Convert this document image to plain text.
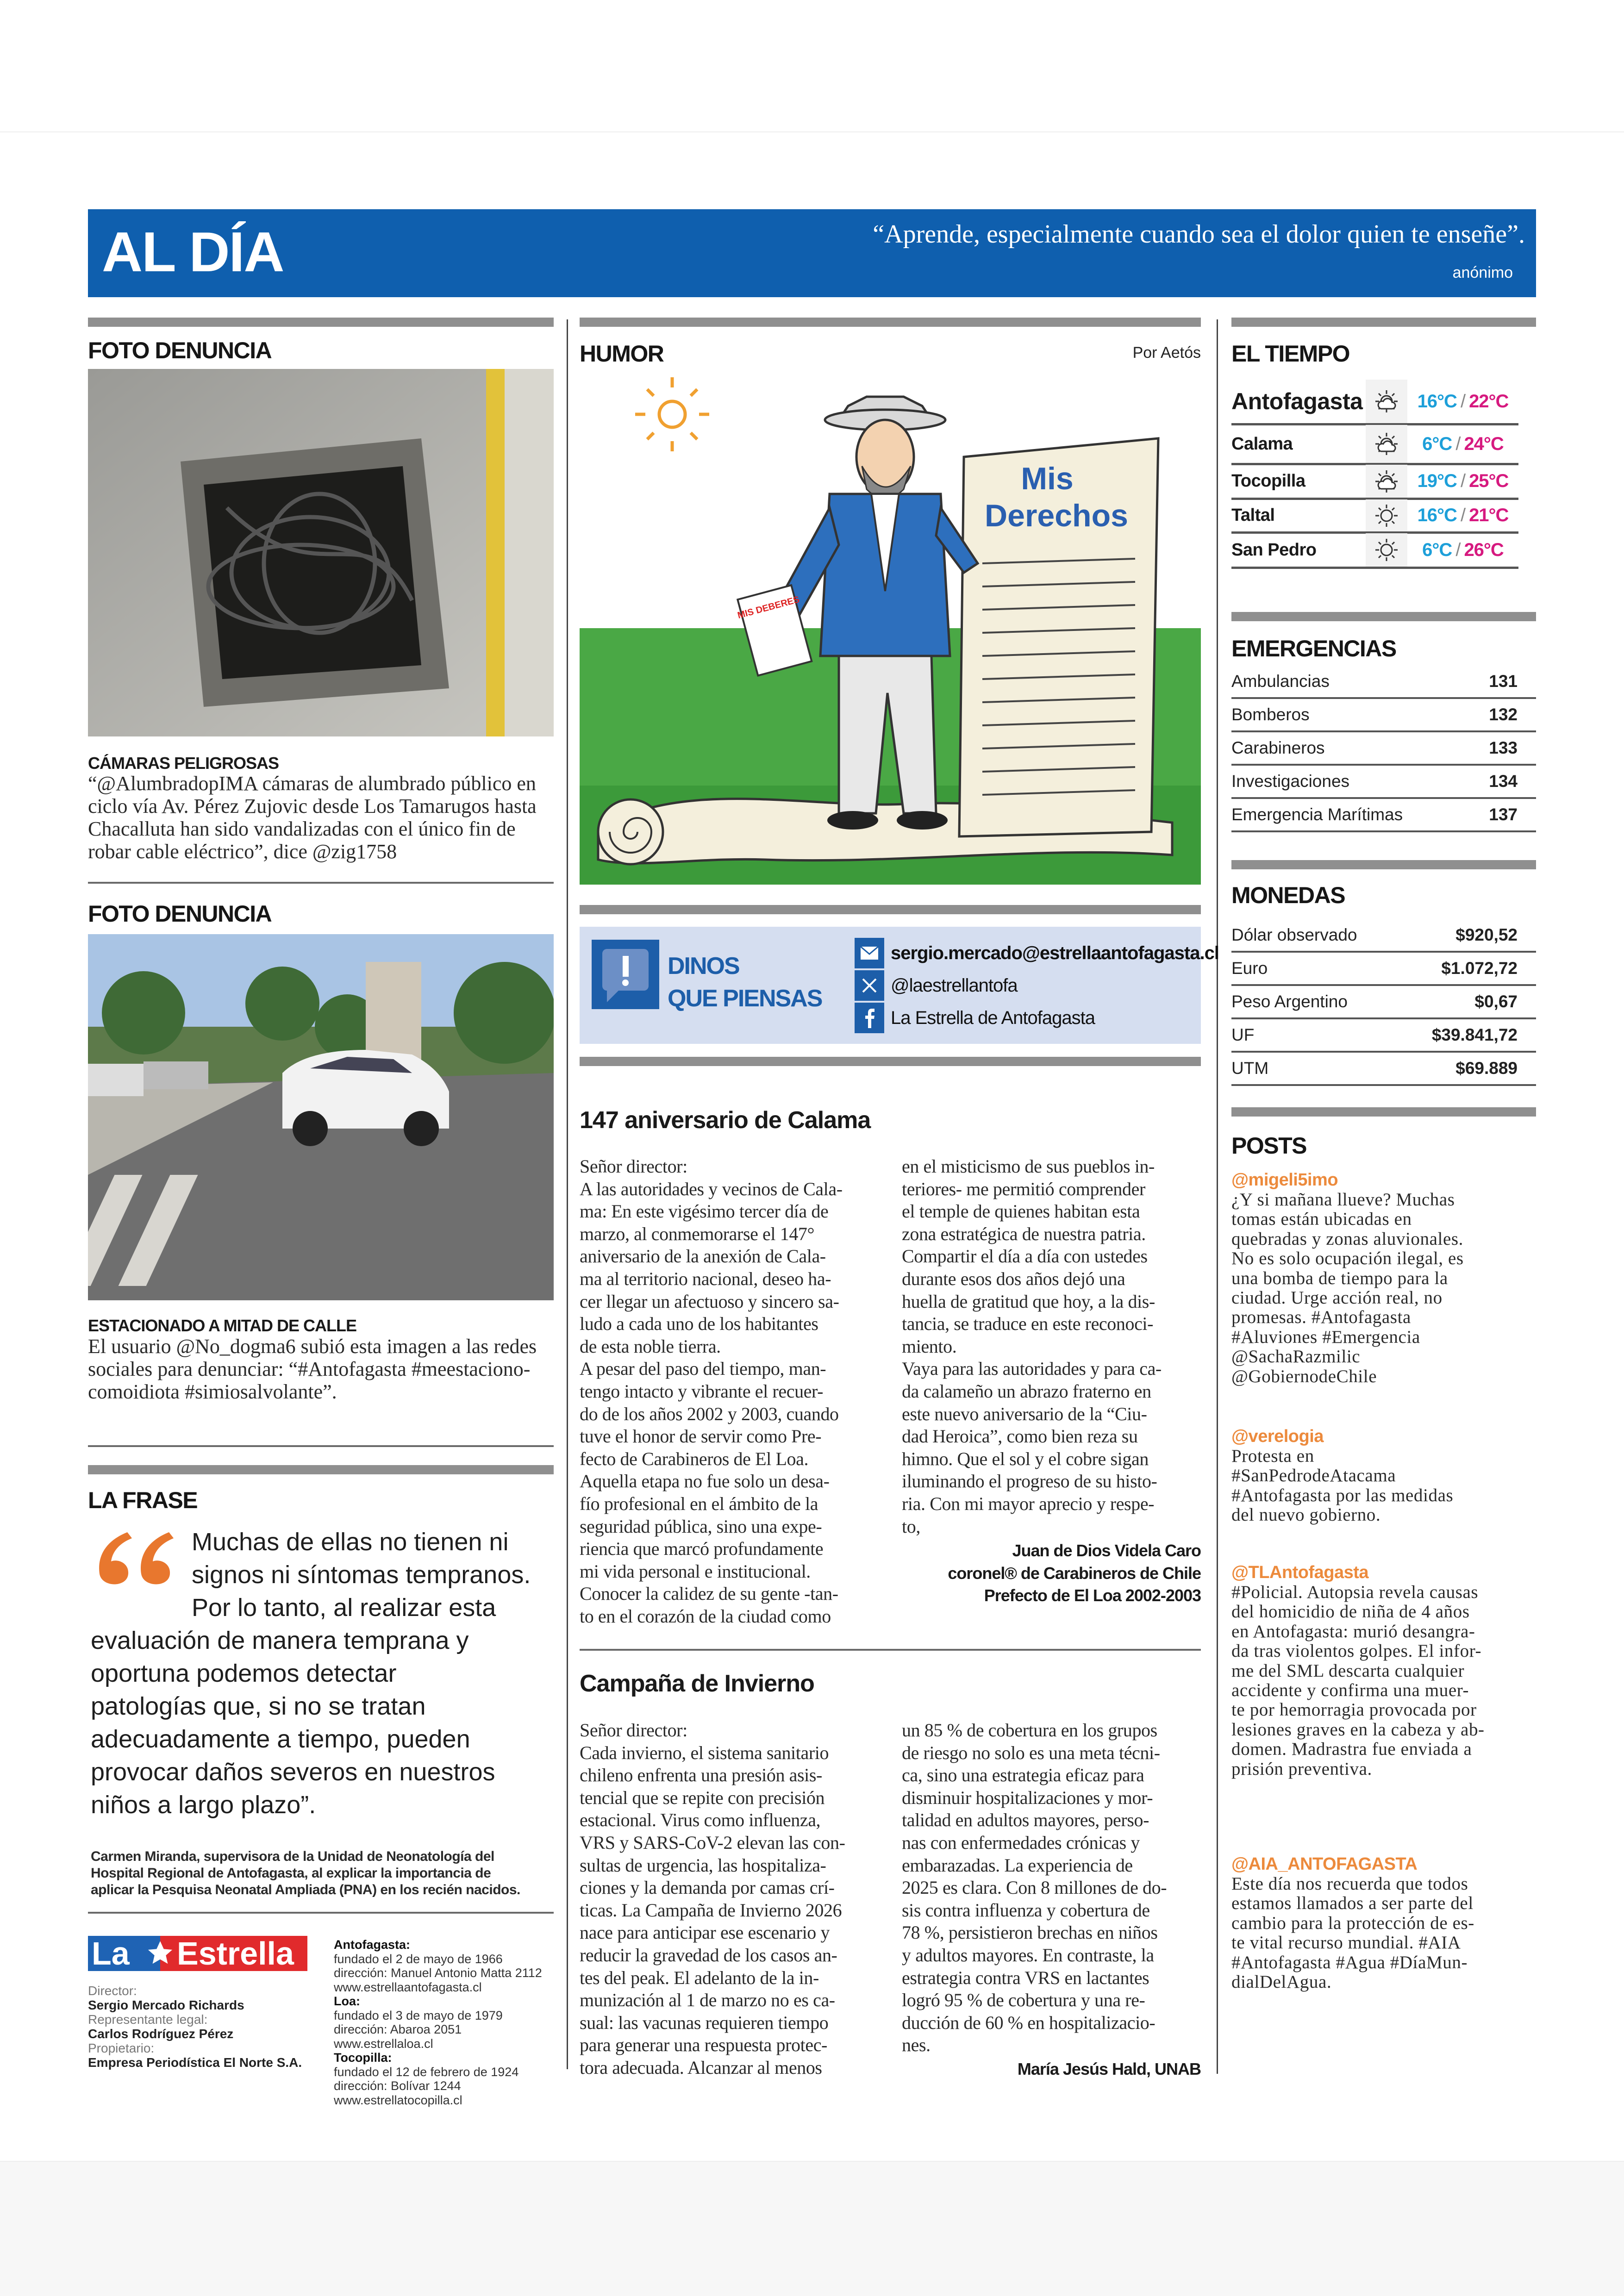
AL DÍA	“Aprende, especialmente cuando sea el dolor quien te enseñe”.
anónimo
FOTO DENUNCIA
CÁMARAS PELIGROSAS
“@AlumbradopIMA cámaras de alumbrado público en
ciclo vía Av. Pérez Zujovic desde Los Tamarugos hasta
Chacalluta han sido vandalizadas con el único fin de
robar cable eléctrico”, dice @zig1758
FOTO DENUNCIA
ESTACIONADO A MITAD DE CALLE
El usuario @No_dogma6 subió esta imagen a las redes
sociales para denunciar: “#Antofagasta #meestaciono-
comoidiota #simiosalvolante”.
LA FRASE
Muchas de ellas no tienen ni
signos ni síntomas tempranos.
Por lo tanto, al realizar esta
evaluación de manera temprana y
oportuna podemos detectar
patologías que, si no se tratan
adecuadamente a tiempo, pueden
provocar daños severos en nuestros
niños a largo plazo”.
Carmen Miranda, supervisora de la Unidad de Neonatología del
Hospital Regional de Antofagasta, al explicar la importancia de
aplicar la Pesquisa Neonatal Ampliada (PNA) en los recién nacidos.
La	Estrella
Director:
Sergio Mercado Richards
Representante legal:
Carlos Rodríguez Pérez
Propietario:
Empresa Periodística El Norte S.A.
Antofagasta:
fundado el 2 de mayo de 1966
dirección: Manuel Antonio Matta 2112
www.estrellaantofagasta.cl
Loa:
fundado el 3 de mayo de 1979
dirección: Abaroa 2051
www.estrellaloa.cl
Tocopilla:
fundado el 12 de febrero de 1924
dirección: Bolívar 1244
www.estrellatocopilla.cl
HUMOR	Por Aetós
Mis
Derechos
MIS DEBERES
DINOS
QUE PIENSAS
sergio.mercado@estrellaantofagasta.cl
@laestrellantofa
La Estrella de Antofagasta
147 aniversario de Calama
Señor director:
A las autoridades y vecinos de Cala-
ma: En este vigésimo tercer día de
marzo, al conmemorarse el 147°
aniversario de la anexión de Cala-
ma al territorio nacional, deseo ha-
cer llegar un afectuoso y sincero sa-
ludo a cada uno de los habitantes
de esta noble tierra.
A pesar del paso del tiempo, man-
tengo intacto y vibrante el recuer-
do de los años 2002 y 2003, cuando
tuve el honor de servir como Pre-
fecto de Carabineros de El Loa.
Aquella etapa no fue solo un desa-
fío profesional en el ámbito de la
seguridad pública, sino una expe-
riencia que marcó profundamente
mi vida personal e institucional.
Conocer la calidez de su gente -tan-
to en el corazón de la ciudad como
en el misticismo de sus pueblos in-
teriores- me permitió comprender
el temple de quienes habitan esta
zona estratégica de nuestra patria.
Compartir el día a día con ustedes
durante esos dos años dejó una
huella de gratitud que hoy, a la dis-
tancia, se traduce en este reconoci-
miento.
Vaya para las autoridades y para ca-
da calameño un abrazo fraterno en
este nuevo aniversario de la “Ciu-
dad Heroica”, como bien reza su
himno. Que el sol y el cobre sigan
iluminando el progreso de su histo-
ria. Con mi mayor aprecio y respe-
to,
Juan de Dios Videla Caro
coronel® de Carabineros de Chile
Prefecto de El Loa 2002-2003
Campaña de Invierno
Señor director:
Cada invierno, el sistema sanitario
chileno enfrenta una presión asis-
tencial que se repite con precisión
estacional. Virus como influenza,
VRS y SARS-CoV-2 elevan las con-
sultas de urgencia, las hospitaliza-
ciones y la demanda por camas crí-
ticas. La Campaña de Invierno 2026
nace para anticipar ese escenario y
reducir la gravedad de los casos an-
tes del peak. El adelanto de la in-
munización al 1 de marzo no es ca-
sual: las vacunas requieren tiempo
para generar una respuesta protec-
tora adecuada. Alcanzar al menos
un 85 % de cobertura en los grupos
de riesgo no solo es una meta técni-
ca, sino una estrategia eficaz para
disminuir hospitalizaciones y mor-
talidad en adultos mayores, perso-
nas con enfermedades crónicas y
embarazadas. La experiencia de
2025 es clara. Con 8 millones de do-
sis contra influenza y cobertura de
78 %, persistieron brechas en niños
y adultos mayores. En contraste, la
estrategia contra VRS en lactantes
logró 95 % de cobertura y una re-
ducción de 60 % en hospitalizacio-
nes.
María Jesús Hald, UNAB
EL TIEMPO
Antofagasta	16°C / 22°C
Calama	6°C / 24°C
Tocopilla	19°C / 25°C
Taltal	16°C / 21°C
San Pedro	6°C / 26°C
EMERGENCIAS
Ambulancias	131
Bomberos	132
Carabineros	133
Investigaciones	134
Emergencia Marítimas	137
MONEDAS
Dólar observado	$920,52
Euro	$1.072,72
Peso Argentino	$0,67
UF	$39.841,72
UTM	$69.889
POSTS
@migeli5imo
¿Y si mañana llueve? Muchas
tomas están ubicadas en
quebradas y zonas aluvionales.
No es solo ocupación ilegal, es
una bomba de tiempo para la
ciudad. Urge acción real, no
promesas. #Antofagasta
#Aluviones #Emergencia
@SachaRazmilic
@GobiernodeChile
@verelogia
Protesta en
#SanPedrodeAtacama
#Antofagasta por las medidas
del nuevo gobierno.
@TLAntofagasta
#Policial. Autopsia revela causas
del homicidio de niña de 4 años
en Antofagasta: murió desangra-
da tras violentos golpes. El infor-
me del SML descarta cualquier
accidente y confirma una muer-
te por hemorragia provocada por
lesiones graves en la cabeza y ab-
domen. Madrastra fue enviada a
prisión preventiva.
@AIA_ANTOFAGASTA
Este día nos recuerda que todos
estamos llamados a ser parte del
cambio para la protección de es-
te vital recurso mundial. #AIA
#Antofagasta #Agua #DíaMun-
dialDelAgua.
